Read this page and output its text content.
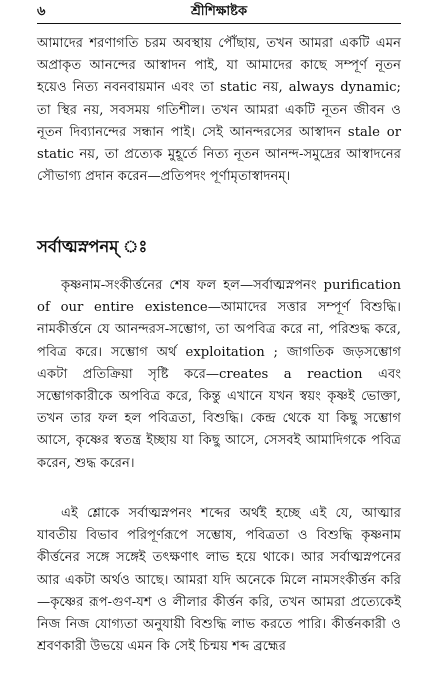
৬	শ্রীশিক্ষাষ্টক

আমাদের শরণাগতি চরম অবস্থায় পৌঁছায়, তখন আমরা একটি এমন অপ্রাকৃত আনন্দের আস্বাদন পাই, যা আমাদের কাছে সম্পূর্ণ নূতন হয়েও নিত্য নবনবায়মান এবং তা static নয়, always dynamic; তা স্থির নয়, সবসময় গতিশীল। তখন আমরা একটি নূতন জীবন ও নূতন দিব্যানন্দের সন্ধান পাই। সেই আনন্দরসের আস্বাদন stale or static নয়, তা প্রত্যেক মুহূর্তে নিত্য নূতন আনন্দ-সমুদ্রের আস্বাদনের সৌভাগ্য প্রদান করেন—প্রতিপদং পূর্ণামৃতাস্বাদনম্।

সর্বাত্মস্নপনম্ ঃ

কৃষ্ণনাম-সংকীর্ত্তনের শেষ ফল হল—সর্বাত্মস্নপনং purification of our entire existence—আমাদের সত্তার সম্পূর্ণ বিশুদ্ধি। নামকীর্ত্তনে যে আনন্দরস-সম্ভোগ, তা অপবিত্র করে না, পরিশুদ্ধ করে, পবিত্র করে। সম্ভোগ অর্থ exploitation ; জাগতিক জড়সম্ভোগ একটা প্রতিক্রিয়া সৃষ্টি করে—creates a reaction এবং সম্ভোগকারীকে অপবিত্র করে, কিন্তু এখানে যখন স্বয়ং কৃষ্ণই ভোক্তা, তখন তার ফল হল পবিত্রতা, বিশুদ্ধি। কেন্দ্র থেকে যা কিছু সম্ভোগ আসে, কৃষ্ণের স্বতন্ত্র ইচ্ছায় যা কিছু আসে, সেসবই আমাদিগকে পবিত্র করেন, শুদ্ধ করেন।

এই শ্লোকে সর্বাত্মস্নপনং শব্দের অর্থই হচ্ছে এই যে, আত্মার যাবতীয় বিভাব পরিপূর্ণরূপে সম্ভোষ, পবিত্রতা ও বিশুদ্ধি কৃষ্ণনাম কীর্ত্তনের সঙ্গে সঙ্গেই তৎক্ষণাৎ লাভ হয়ে থাকে। আর সর্বাত্মস্নপনের আর একটা অর্থও আছে। আমরা যদি অনেকে মিলে নামসংকীর্ত্তন করি—কৃষ্ণের রূপ-গুণ-যশ ও লীলার কীর্ত্তন করি, তখন আমরা প্রত্যেকেই নিজ নিজ যোগ্যতা অনুযায়ী বিশুদ্ধি লাভ করতে পারি। কীর্ত্তনকারী ও শ্রবণকারী উভয়ে এমন কি সেই চিন্ময় শব্দ ব্রহ্মের
